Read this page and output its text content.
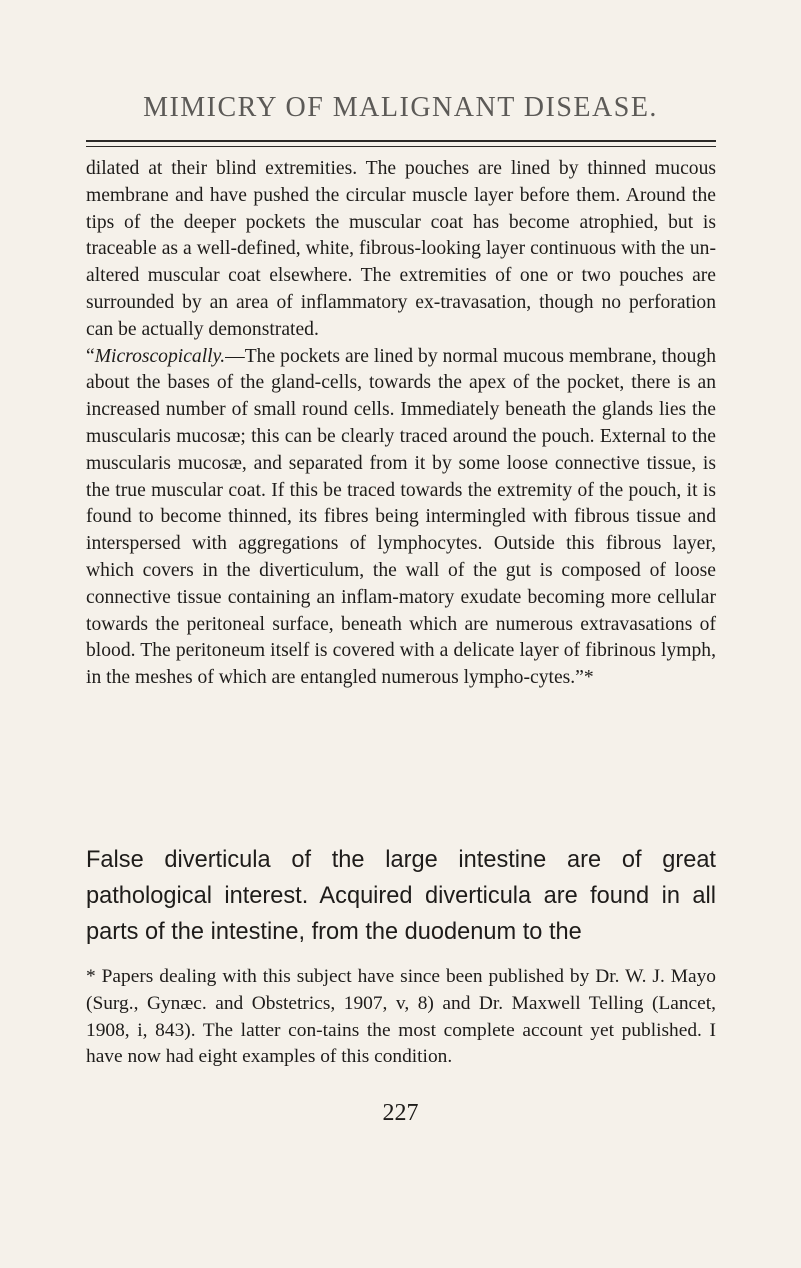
MIMICRY OF MALIGNANT DISEASE.

dilated at their blind extremities. The pouches are lined by thinned mucous membrane and have pushed the circular muscle layer before them. Around the tips of the deeper pockets the muscular coat has become atrophied, but is traceable as a well-defined, white, fibrous-looking layer continuous with the un-altered muscular coat elsewhere. The extremities of one or two pouches are surrounded by an area of inflammatory ex-travasation, though no perforation can be actually demonstrated.

“Microscopically.—The pockets are lined by normal mucous membrane, though about the bases of the gland-cells, towards the apex of the pocket, there is an increased number of small round cells. Immediately beneath the glands lies the muscularis mucosæ; this can be clearly traced around the pouch. External to the muscularis mucosæ, and separated from it by some loose connective tissue, is the true muscular coat. If this be traced towards the extremity of the pouch, it is found to become thinned, its fibres being intermingled with fibrous tissue and interspersed with aggregations of lymphocytes. Outside this fibrous layer, which covers in the diverticulum, the wall of the gut is composed of loose connective tissue containing an inflam-matory exudate becoming more cellular towards the peritoneal surface, beneath which are numerous extravasations of blood. The peritoneum itself is covered with a delicate layer of fibrinous lymph, in the meshes of which are entangled numerous lympho-cytes.”*

False diverticula of the large intestine are of great pathological interest. Acquired diverticula are found in all parts of the intestine, from the duodenum to the
* Papers dealing with this subject have since been published by Dr. W. J. Mayo (Surg., Gynæc. and Obstetrics, 1907, v, 8) and Dr. Maxwell Telling (Lancet, 1908, i, 843). The latter con-tains the most complete account yet published. I have now had eight examples of this condition.
227
